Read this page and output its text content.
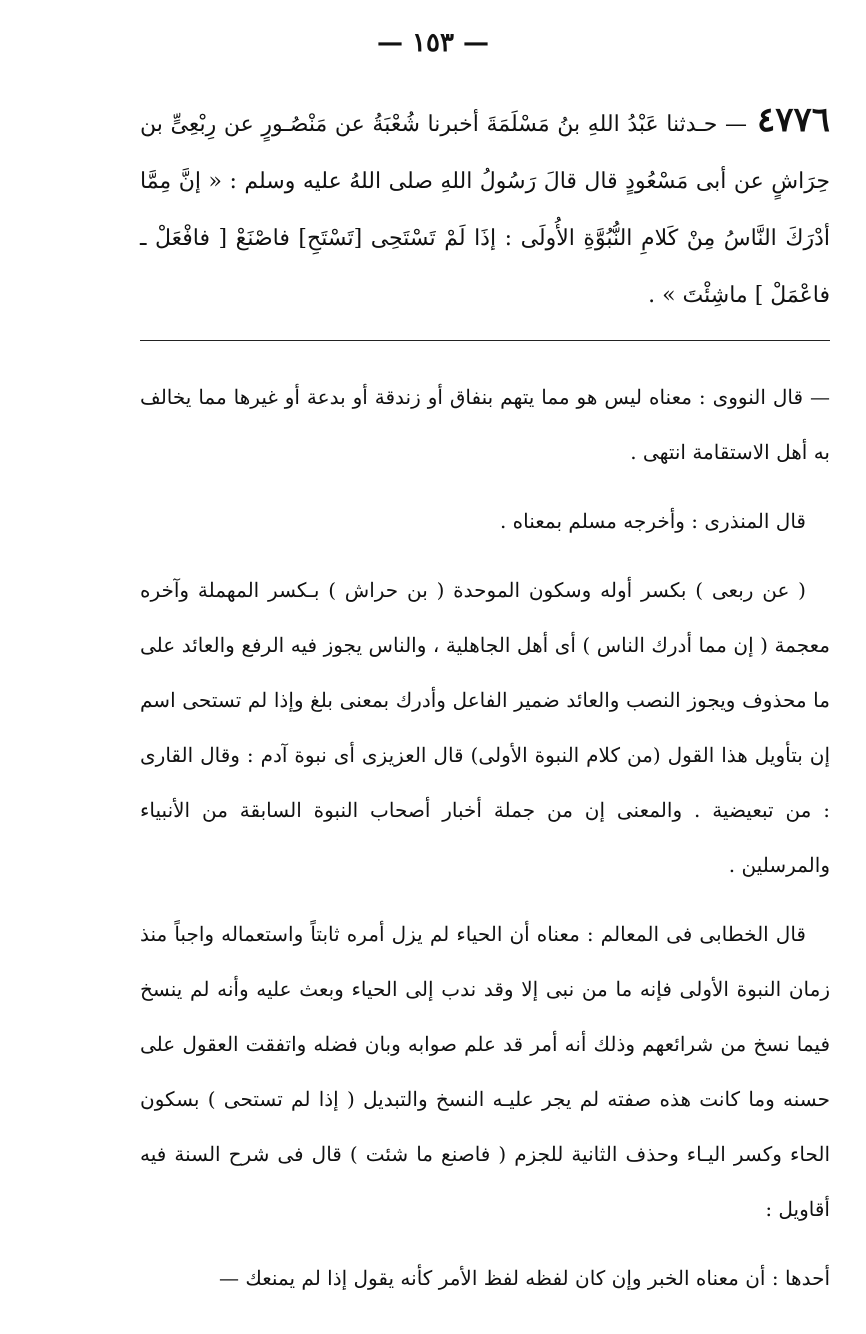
— ١٥٣ —

٤٧٧٦— حـدثنا عَبْدُ اللهِ بنُ مَسْلَمَةَ أخبرنا شُعْبَةُ عن مَنْصُـورٍ عن رِبْعِىٍّ بن حِرَاشٍ عن أبى مَسْعُودٍ قال قالَ رَسُولُ اللهِ صلى اللهُ عليه وسلم : « إنَّ مِمَّا أدْرَكَ النَّاسُ مِنْ كَلامِ النُّبُوَّةِ الأُولَى : إذَا لَمْ تَسْتَحِى [تَسْتَحِ] فاصْنَعْ [ فافْعَلْ ـ فاعْمَلْ ] ماشِئْتَ » .

— قال النووى : معناه ليس هو مما يتهم بنفاق أو زندقة أو بدعة أو غيرها مما يخالف به أهل الاستقامة انتهى .

قال المنذرى : وأخرجه مسلم بمعناه .

( عن ربعى ) بكسر أوله وسكون الموحدة ( بن حراش ) بـكسر المهملة وآخره معجمة ( إن مما أدرك الناس ) أى أهل الجاهلية ، والناس يجوز فيه الرفع والعائد على ما محذوف ويجوز النصب والعائد ضمير الفاعل وأدرك بمعنى بلغ وإذا لم تستحى اسم إن بتأويل هذا القول (من كلام النبوة الأولى) قال العزيزى أى نبوة آدم : وقال القارى : من تبعيضية . والمعنى إن من جملة أخبار أصحاب النبوة السابقة من الأنبياء والمرسلين .

قال الخطابى فى المعالم : معناه أن الحياء لم يزل أمره ثابتاً واستعماله واجباً منذ زمان النبوة الأولى فإنه ما من نبى إلا وقد ندب إلى الحياء وبعث عليه وأنه لم ينسخ فيما نسخ من شرائعهم وذلك أنه أمر قد علم صوابه وبان فضله واتفقت العقول على حسنه وما كانت هذه صفته لم يجر عليـه النسخ والتبديل ( إذا لم تستحى ) بسكون الحاء وكسر اليـاء وحذف الثانية للجزم ( فاصنع ما شئت ) قال فى شرح السنة فيه أقاويل :

أحدها : أن معناه الخبر وإن كان لفظه لفظ الأمر كأنه يقول إذا لم يمنعك —
